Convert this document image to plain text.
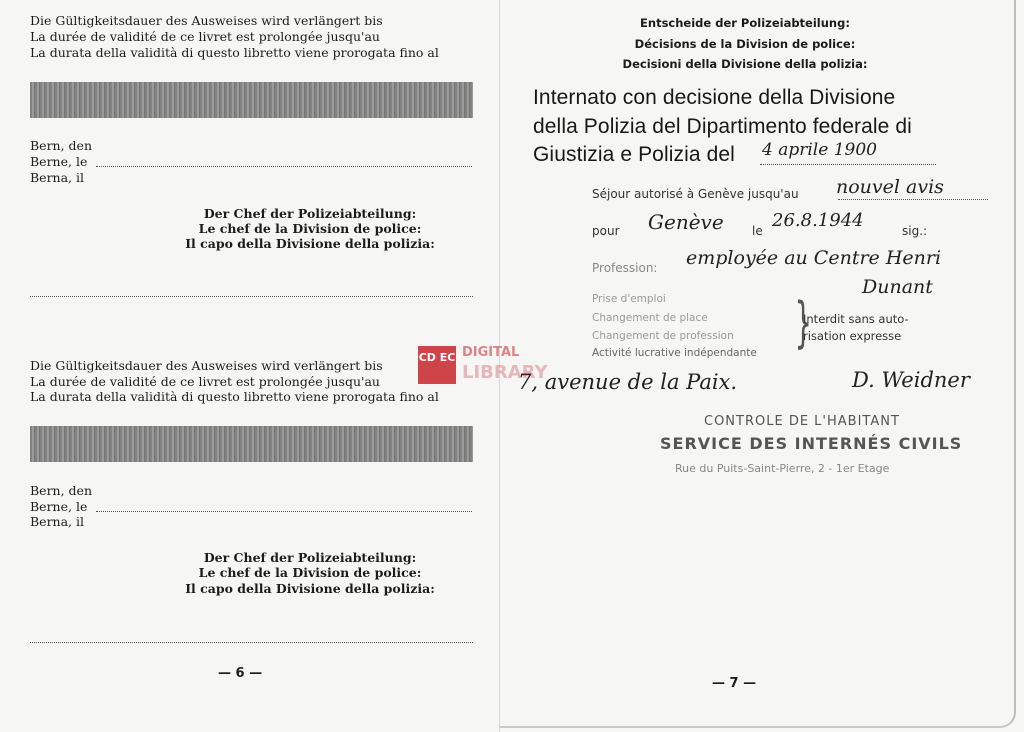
Die Gültigkeitsdauer des Ausweises wird verlängert bis
La durée de validité de ce livret est prolongée jusqu'au
La durata della validità di questo libretto viene prorogata fino al
Bern, den
Berne, le
Berna, il
Der Chef der Polizeiabteilung:
Le chef de la Division de police:
Il capo della Divisione della polizia:
Die Gültigkeitsdauer des Ausweises wird verlängert bis
La durée de validité de ce livret est prolongée jusqu'au
La durata della validità di questo libretto viene prorogata fino al
Bern, den
Berne, le
Berna, il
Der Chef der Polizeiabteilung:
Le chef de la Division de police:
Il capo della Divisione della polizia:
— 6 —
Entscheide der Polizeiabteilung:
Décisions de la Division de police:
Decisioni della Divisione della polizia:
Internato con decisione della Divisione
della Polizia del Dipartimento federale di
Giustizia e Polizia del 4 aprile 1900
Séjour autorisé à Genève jusqu'au nouvel avis
pour Genève le 26.8.1944	sig.:
Profession: employée au Centre Henri
Dunant
Prise d'emploi
Changement de place
Changement de profession
Activité lucrative indépendante }
Interdit sans auto-
risation expresse
7, avenue de la Paix.	D. Weidner
CONTROLE DE L'HABITANT
SERVICE DES INTERNÉS CIVILS
Rue du Puits-Saint-Pierre, 2 - 1er Etage
— 7 —
CD EC DIGITAL
LIBRARY
